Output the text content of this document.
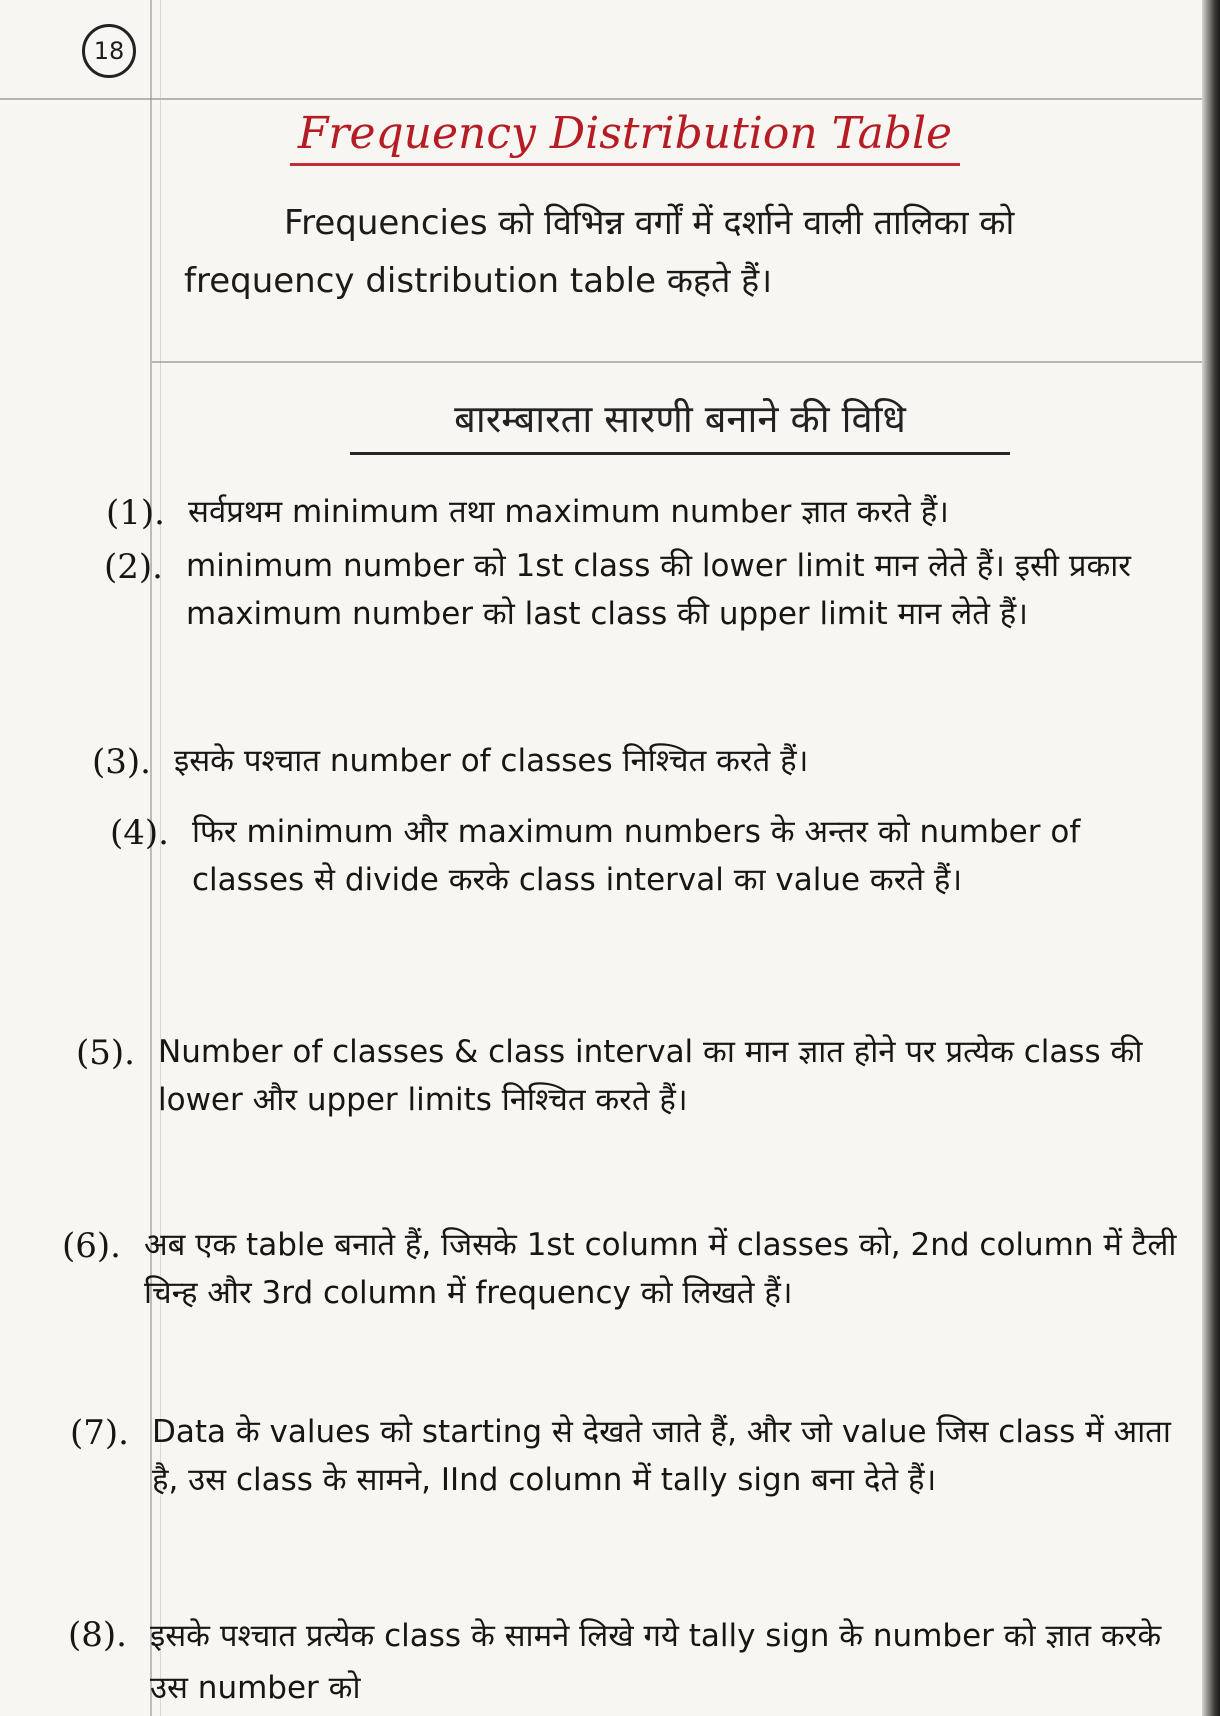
18
Frequency Distribution Table
Frequencies को विभिन्न वर्गों में दर्शाने वाली तालिका को frequency distribution table कहते हैं।
बारम्बारता सारणी बनाने की विधि
(1). सर्वप्रथम minimum तथा maximum number ज्ञात करते हैं।
(2). minimum number को 1st class की lower limit मान लेते हैं। इसी प्रकार maximum number को last class की upper limit मान लेते हैं।
(3). इसके पश्चात number of classes निश्चित करते हैं।
(4). फिर minimum और maximum numbers के अन्तर को number of classes से divide करके class interval का value करते हैं।
(5). Number of classes & class interval का मान ज्ञात होने पर प्रत्येक class की lower और upper limits निश्चित करते हैं।
(6). अब एक table बनाते हैं, जिसके 1st column में classes को, 2nd column में टैली चिन्ह और 3rd column में frequency को लिखते हैं।
(7). Data के values को starting से देखते जाते हैं, और जो value जिस class में आता है, उस class के सामने, IInd column में tally sign बना देते हैं।
(8). इसके पश्चात प्रत्येक class के सामने लिखे गये tally sign के number को ज्ञात करके उस number को
